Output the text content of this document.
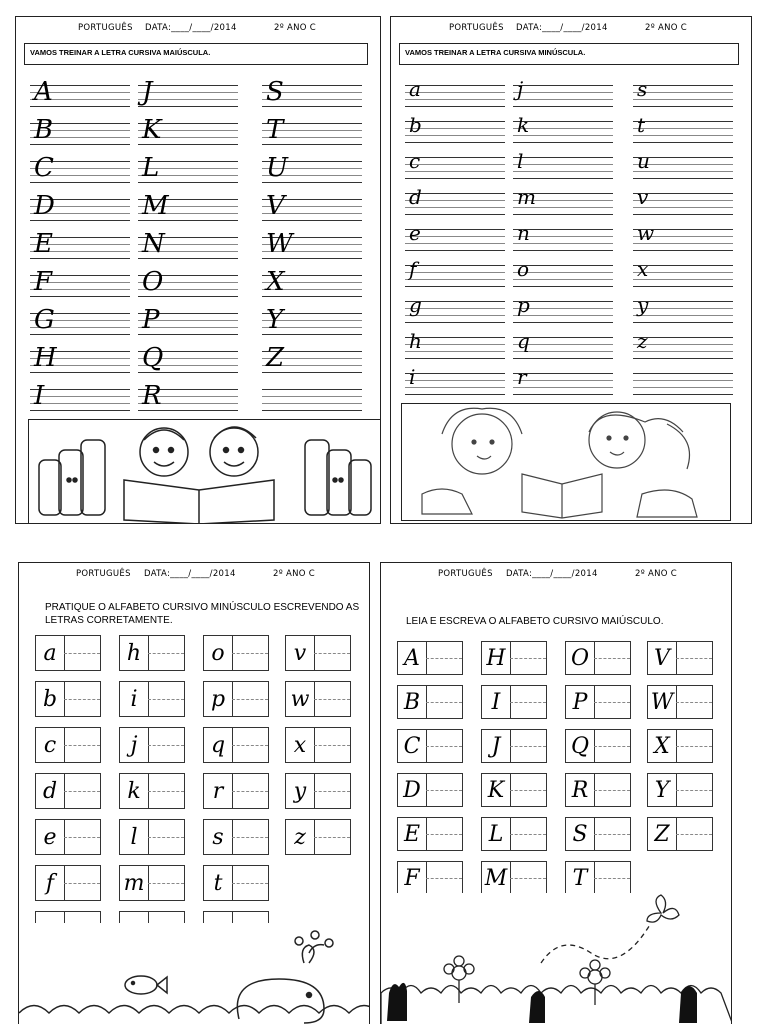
PORTUGUÊS DATA:____/____/2014	2º ANO C
VAMOS TREINAR A LETRA CURSIVA MAIÚSCULA.
A
B
C
D
E
F
G
H
I
J
K
L
M
N
O
P
Q
R
S
T
U
V
W
X
Y
Z
PORTUGUÊS DATA:____/____/2014	2º ANO C
VAMOS TREINAR A LETRA CURSIVA MINÚSCULA.
a
b
c
d
e
f
g
h
i
j
k
l
m
n
o
p
q
r
s
t
u
v
w
x
y
z
PORTUGUÊS DATA:____/____/2014	2º ANO C
PRATIQUE O ALFABETO CURSIVO MINÚSCULO ESCREVENDO AS LETRAS CORRETAMENTE.
a
b
c
d
e
f
h
i
j
k
l
m
o
p
q
r
s
t
v
w
x
y
z
PORTUGUÊS DATA:____/____/2014	2º ANO C
LEIA E ESCREVA O ALFABETO CURSIVO MAIÚSCULO.
A
B
C
D
E
F
H
I
J
K
L
M
O
P
Q
R
S
T
V
W
X
Y
Z
